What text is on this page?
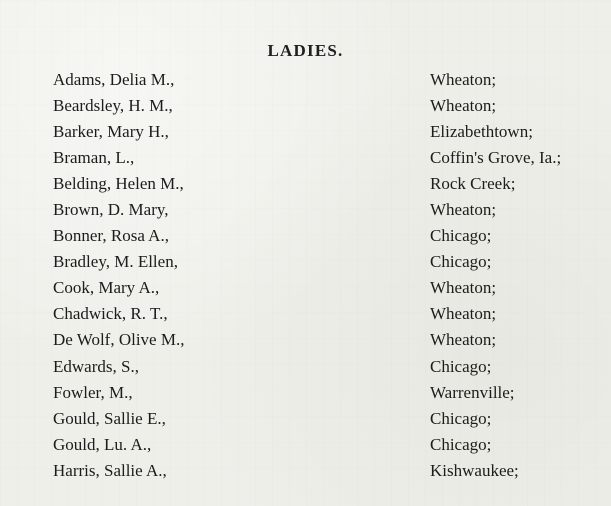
LADIES.
Adams, Delia M.,	Wheaton;
Beardsley, H. M.,	Wheaton;
Barker, Mary H.,	Elizabethtown;
Braman, L.,	Coffin's Grove, Ia.;
Belding, Helen M.,	Rock Creek;
Brown, D. Mary,	Wheaton;
Bonner, Rosa A.,	Chicago;
Bradley, M. Ellen,	Chicago;
Cook, Mary A.,	Wheaton;
Chadwick, R. T.,	Wheaton;
De Wolf, Olive M.,	Wheaton;
Edwards, S.,	Chicago;
Fowler, M.,	Warrenville;
Gould, Sallie E.,	Chicago;
Gould, Lu. A.,	Chicago;
Harris, Sallie A.,	Kishwaukee;
